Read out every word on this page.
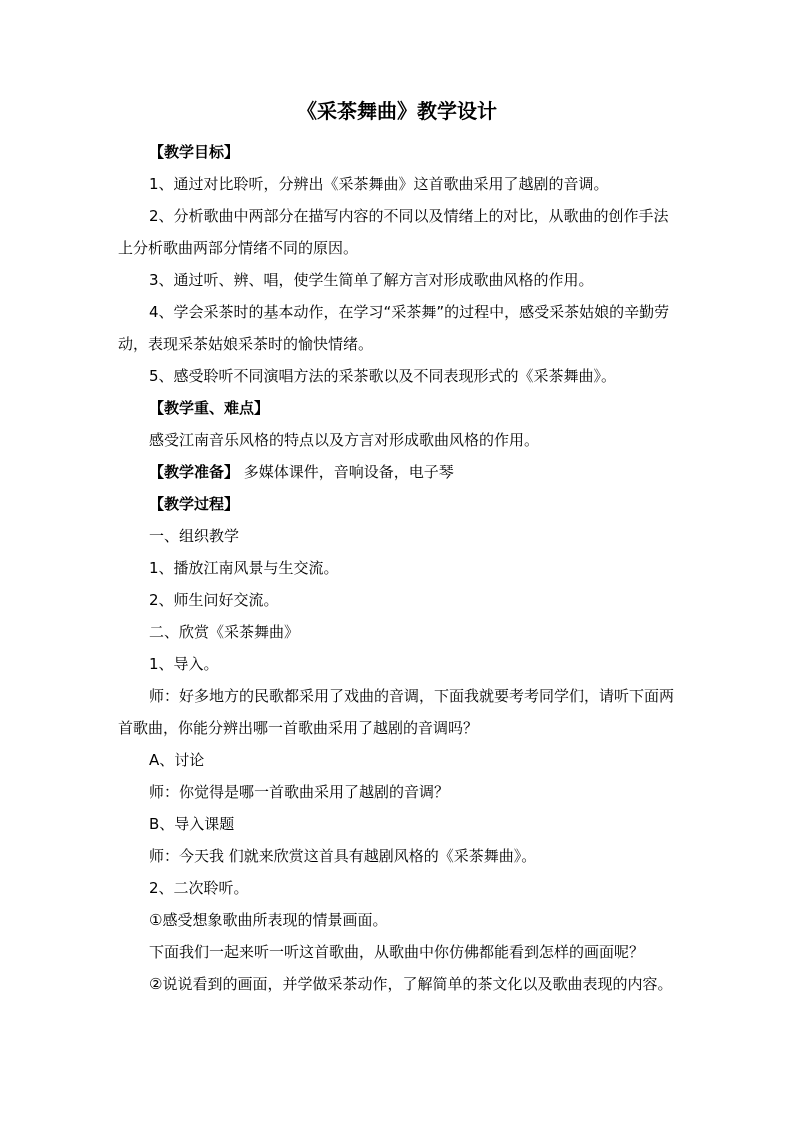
《采茶舞曲》教学设计

【教学目标】

1、通过对比聆听，分辨出《采茶舞曲》这首歌曲采用了越剧的音调。

2、分析歌曲中两部分在描写内容的不同以及情绪上的对比，从歌曲的创作手法上分析歌曲两部分情绪不同的原因。

3、通过听、辨、唱，使学生简单了解方言对形成歌曲风格的作用。

4、学会采茶时的基本动作，在学习“采茶舞”的过程中，感受采茶姑娘的辛勤劳动，表现采茶姑娘采茶时的愉快情绪。

5、感受聆听不同演唱方法的采茶歌以及不同表现形式的《采茶舞曲》。

【教学重、难点】

感受江南音乐风格的特点以及方言对形成歌曲风格的作用。

【教学准备】 多媒体课件，音响设备，电子琴

【教学过程】

一、组织教学

1、播放江南风景与生交流。

2、师生问好交流。

二、欣赏《采茶舞曲》

1、导入。

师：好多地方的民歌都采用了戏曲的音调，下面我就要考考同学们，请听下面两首歌曲，你能分辨出哪一首歌曲采用了越剧的音调吗？

A、讨论

师：你觉得是哪一首歌曲采用了越剧的音调？

B、导入课题

师：今天我 们就来欣赏这首具有越剧风格的《采茶舞曲》。

2、二次聆听。

①感受想象歌曲所表现的情景画面。

下面我们一起来听一听这首歌曲，从歌曲中你仿佛都能看到怎样的画面呢？

②说说看到的画面，并学做采茶动作，了解简单的茶文化以及歌曲表现的内容。
